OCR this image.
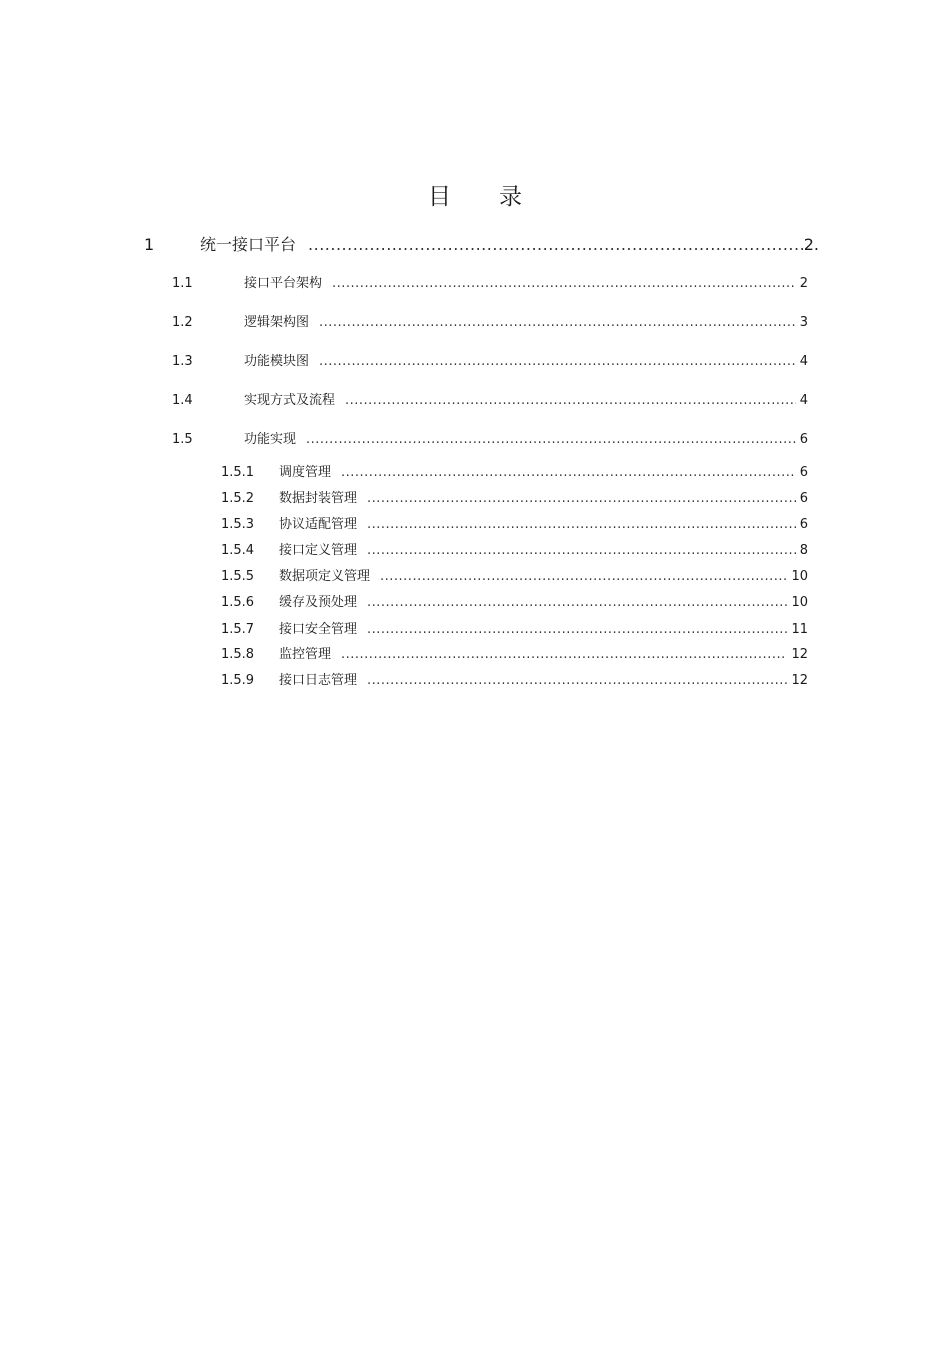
目录
1	统一接口平台 .....	2.
1.1	接口平台架构 .....	2
1.2	逻辑架构图 .....	3
1.3	功能模块图 .....	4
1.4	实现方式及流程 .....	4
1.5	功能实现 .....	6
1.5.1	调度管理 .....	6
1.5.2	数据封装管理 .....	6
1.5.3	协议适配管理 .....	6
1.5.4	接口定义管理 .....	8
1.5.5	数据项定义管理 .....	10
1.5.6	缓存及预处理 .....	10
1.5.7	接口安全管理 .....	11
1.5.8	监控管理 .....	12
1.5.9	接口日志管理 .....	12
